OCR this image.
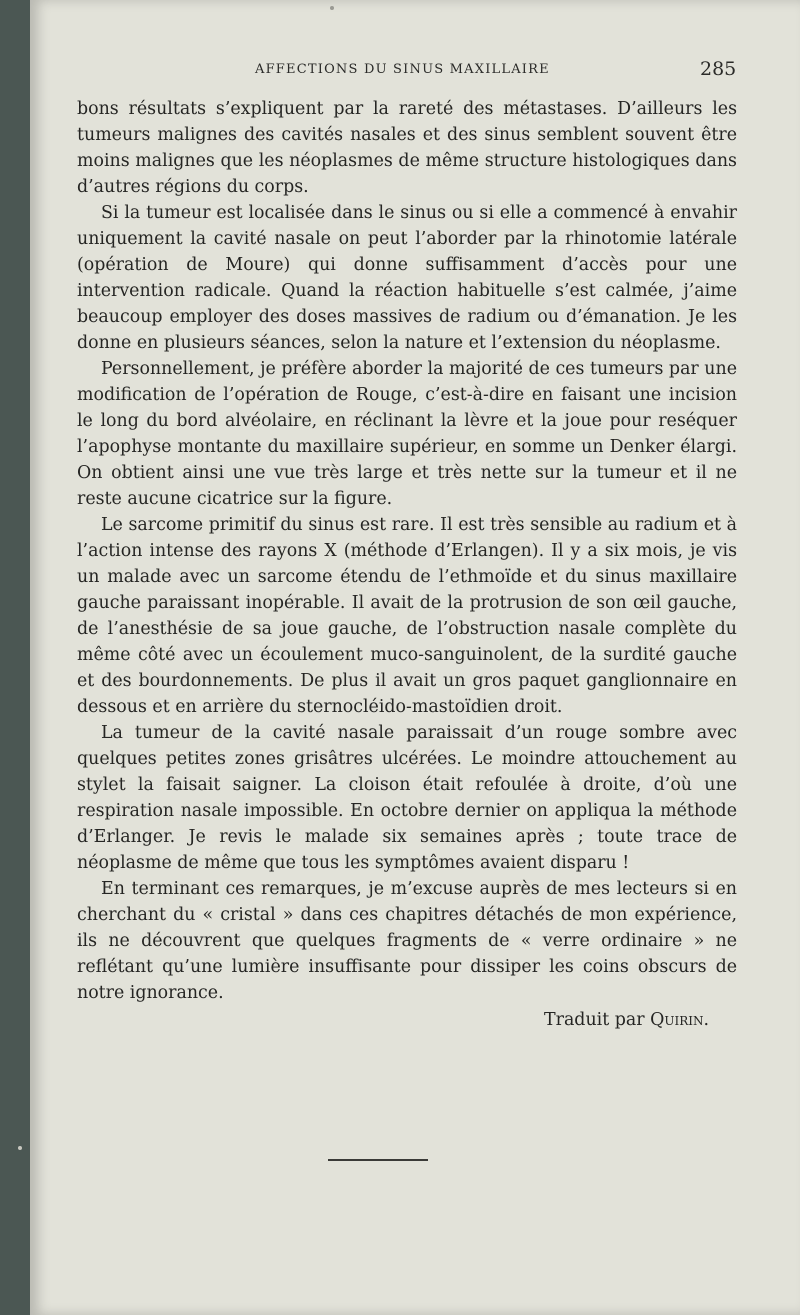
AFFECTIONS DU SINUS MAXILLAIRE	285

bons résultats s’expliquent par la rareté des métastases. D’ailleurs les tumeurs malignes des cavités nasales et des sinus semblent souvent être moins malignes que les néoplasmes de même structure histologiques dans d’autres régions du corps.

Si la tumeur est localisée dans le sinus ou si elle a commencé à envahir uniquement la cavité nasale on peut l’aborder par la rhinotomie latérale (opération de Moure) qui donne suffisamment d’accès pour une intervention radicale. Quand la réaction habituelle s’est calmée, j’aime beaucoup employer des doses massives de radium ou d’émanation. Je les donne en plusieurs séances, selon la nature et l’extension du néoplasme.

Personnellement, je préfère aborder la majorité de ces tumeurs par une modification de l’opération de Rouge, c’est-à-dire en faisant une incision le long du bord alvéolaire, en réclinant la lèvre et la joue pour reséquer l’apophyse montante du maxillaire supérieur, en somme un Denker élargi. On obtient ainsi une vue très large et très nette sur la tumeur et il ne reste aucune cicatrice sur la figure.

Le sarcome primitif du sinus est rare. Il est très sensible au radium et à l’action intense des rayons X (méthode d’Erlangen). Il y a six mois, je vis un malade avec un sarcome étendu de l’ethmoïde et du sinus maxillaire gauche paraissant inopérable. Il avait de la protrusion de son œil gauche, de l’anesthésie de sa joue gauche, de l’obstruction nasale complète du même côté avec un écoulement muco-sanguinolent, de la surdité gauche et des bourdonnements. De plus il avait un gros paquet ganglionnaire en dessous et en arrière du sternocléido-mastoïdien droit.

La tumeur de la cavité nasale paraissait d’un rouge sombre avec quelques petites zones grisâtres ulcérées. Le moindre attouchement au stylet la faisait saigner. La cloison était refoulée à droite, d’où une respiration nasale impossible. En octobre dernier on appliqua la méthode d’Erlanger. Je revis le malade six semaines après ; toute trace de néoplasme de même que tous les symptômes avaient disparu !

En terminant ces remarques, je m’excuse auprès de mes lecteurs si en cherchant du « cristal » dans ces chapitres détachés de mon expérience, ils ne découvrent que quelques fragments de « verre ordinaire » ne reflétant qu’une lumière insuffisante pour dissiper les coins obscurs de notre ignorance.

Traduit par Quirin.
